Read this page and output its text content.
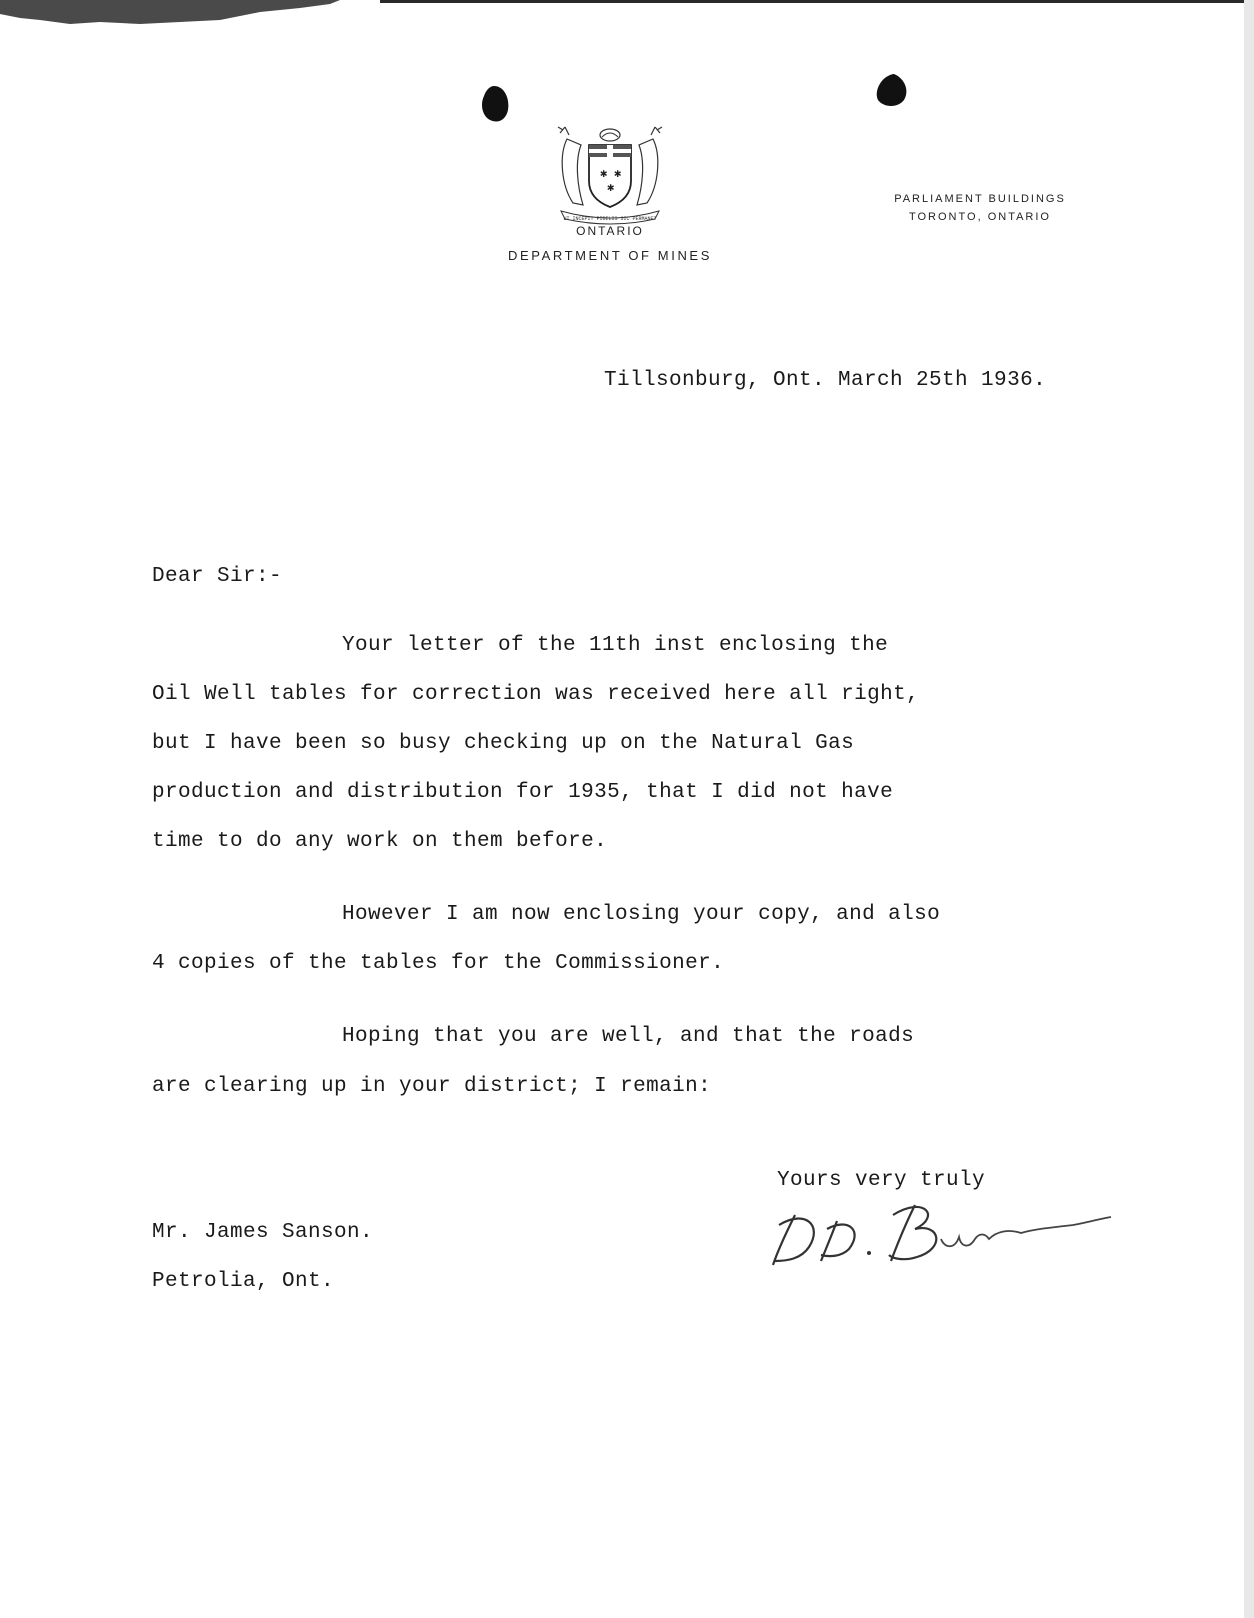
✱ ✱
✱
UT INCEPIT FIDELIS SIC PERMANET
ONTARIO
DEPARTMENT OF MINES
PARLIAMENT BUILDINGS
TORONTO, ONTARIO
Tillsonburg, Ont. March 25th 1936.
Dear Sir:-
Your letter of the 11th inst enclosing the
Oil Well tables for correction was received here all right,
but I have been so busy checking up on the Natural Gas
production and distribution for 1935, that I did not have
time to do any work on them before.
However I am now enclosing your copy, and also
4 copies of the tables for the Commissioner.
Hoping that you are well, and that the roads
are clearing up in your district; I remain:
Yours very truly
Mr. James Sanson.
Petrolia, Ont.
